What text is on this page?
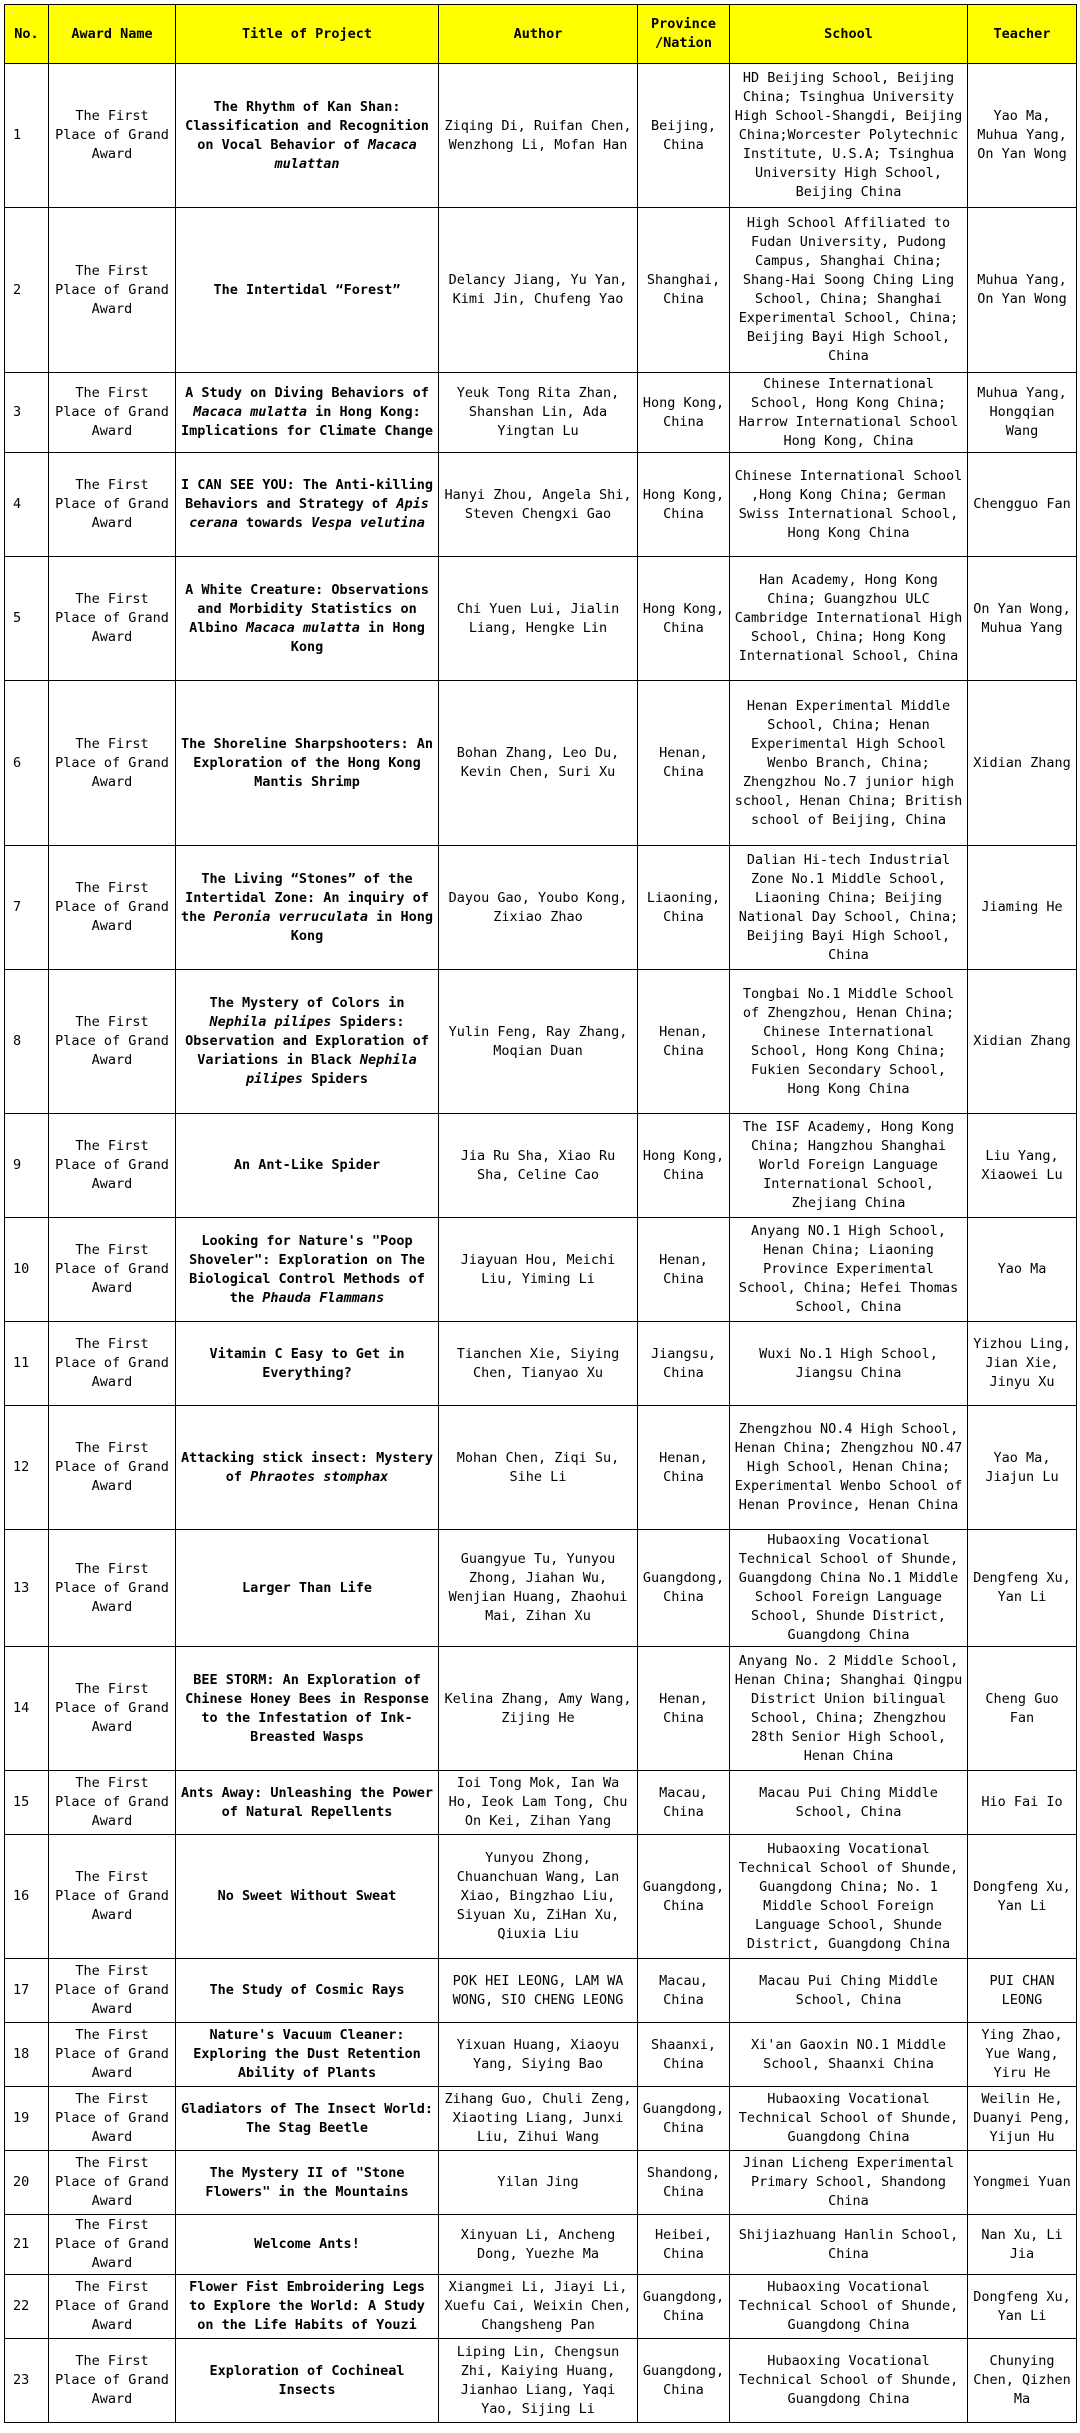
No.	Award Name	Title of Project	Author	Province /Nation	School	Teacher
1	The First Place of Grand Award	The Rhythm of Kan Shan: Classification and Recognition on Vocal Behavior of Macaca mulattan	Ziqing Di, Ruifan Chen, Wenzhong Li, Mofan Han	Beijing, China	HD Beijing School, Beijing China; Tsinghua University High School-Shangdi, Beijing China;Worcester Polytechnic Institute, U.S.A; Tsinghua University High School, Beijing China	Yao Ma, Muhua Yang, On Yan Wong
2	The First Place of Grand Award	The Intertidal “Forest”	Delancy Jiang, Yu Yan, Kimi Jin, Chufeng Yao	Shanghai, China	High School Affiliated to Fudan University, Pudong Campus, Shanghai China; Shang-Hai Soong Ching Ling School, China; Shanghai Experimental School, China; Beijing Bayi High School, China	Muhua Yang, On Yan Wong
3	The First Place of Grand Award	A Study on Diving Behaviors of Macaca mulatta in Hong Kong: Implications for Climate Change	Yeuk Tong Rita Zhan, Shanshan Lin, Ada Yingtan Lu	Hong Kong, China	Chinese International School, Hong Kong China; Harrow International School Hong Kong, China	Muhua Yang, Hongqian Wang
4	The First Place of Grand Award	I CAN SEE YOU: The Anti-killing Behaviors and Strategy of Apis cerana towards Vespa velutina	Hanyi Zhou, Angela Shi, Steven Chengxi Gao	Hong Kong, China	Chinese International School ,Hong Kong China; German Swiss International School, Hong Kong China	Chengguo Fan
5	The First Place of Grand Award	A White Creature: Observations and Morbidity Statistics on Albino Macaca mulatta in Hong Kong	Chi Yuen Lui, Jialin Liang, Hengke Lin	Hong Kong, China	Han Academy, Hong Kong China; Guangzhou ULC Cambridge International High School, China; Hong Kong International School, China	On Yan Wong, Muhua Yang
6	The First Place of Grand Award	The Shoreline Sharpshooters: An Exploration of the Hong Kong Mantis Shrimp	Bohan Zhang, Leo Du, Kevin Chen, Suri Xu	Henan, China	Henan Experimental Middle School, China; Henan Experimental High School Wenbo Branch, China; Zhengzhou No.7 junior high school, Henan China; British school of Beijing, China	Xidian Zhang
7	The First Place of Grand Award	The Living “Stones” of the Intertidal Zone: An inquiry of the Peronia verruculata in Hong Kong	Dayou Gao, Youbo Kong, Zixiao Zhao	Liaoning, China	Dalian Hi-tech Industrial Zone No.1 Middle School, Liaoning China; Beijing National Day School, China; Beijing Bayi High School, China	Jiaming He
8	The First Place of Grand Award	The Mystery of Colors in Nephila pilipes Spiders: Observation and Exploration of Variations in Black Nephila pilipes Spiders	Yulin Feng, Ray Zhang, Moqian Duan	Henan, China	Tongbai No.1 Middle School of Zhengzhou, Henan China; Chinese International School, Hong Kong China; Fukien Secondary School, Hong Kong China	Xidian Zhang
9	The First Place of Grand Award	An Ant-Like Spider	Jia Ru Sha, Xiao Ru Sha, Celine Cao	Hong Kong, China	The ISF Academy, Hong Kong China; Hangzhou Shanghai World Foreign Language International School, Zhejiang China	Liu Yang, Xiaowei Lu
10	The First Place of Grand Award	Looking for Nature's "Poop Shoveler": Exploration on The Biological Control Methods of the Phauda Flammans	Jiayuan Hou, Meichi Liu, Yiming Li	Henan, China	Anyang NO.1 High School, Henan China; Liaoning Province Experimental School, China; Hefei Thomas School, China	Yao Ma
11	The First Place of Grand Award	Vitamin C Easy to Get in Everything?	Tianchen Xie, Siying Chen, Tianyao Xu	Jiangsu, China	Wuxi No.1 High School, Jiangsu China	Yizhou Ling, Jian Xie, Jinyu Xu
12	The First Place of Grand Award	Attacking stick insect: Mystery of Phraotes stomphax	Mohan Chen, Ziqi Su, Sihe Li	Henan, China	Zhengzhou NO.4 High School, Henan China; Zhengzhou NO.47 High School, Henan China; Experimental Wenbo School of Henan Province, Henan China	Yao Ma, Jiajun Lu
13	The First Place of Grand Award	Larger Than Life	Guangyue Tu, Yunyou Zhong, Jiahan Wu, Wenjian Huang, Zhaohui Mai, Zihan Xu	Guangdong, China	Hubaoxing Vocational Technical School of Shunde, Guangdong China No.1 Middle School Foreign Language School, Shunde District, Guangdong China	Dengfeng Xu, Yan Li
14	The First Place of Grand Award	BEE STORM: An Exploration of Chinese Honey Bees in Response to the Infestation of Ink-Breasted Wasps	Kelina Zhang, Amy Wang, Zijing He	Henan, China	Anyang No. 2 Middle School, Henan China; Shanghai Qingpu District Union bilingual School, China; Zhengzhou 28th Senior High School, Henan China	Cheng Guo Fan
15	The First Place of Grand Award	Ants Away: Unleashing the Power of Natural Repellents	Ioi Tong Mok, Ian Wa Ho, Ieok Lam Tong, Chu On Kei, Zihan Yang	Macau, China	Macau Pui Ching Middle School, China	Hio Fai Io
16	The First Place of Grand Award	No Sweet Without Sweat	Yunyou Zhong, Chuanchuan Wang, Lan Xiao, Bingzhao Liu, Siyuan Xu, ZiHan Xu, Qiuxia Liu	Guangdong, China	Hubaoxing Vocational Technical School of Shunde, Guangdong China; No. 1 Middle School Foreign Language School, Shunde District, Guangdong China	Dongfeng Xu, Yan Li
17	The First Place of Grand Award	The Study of Cosmic Rays	POK HEI LEONG, LAM WA WONG, SIO CHENG LEONG	Macau, China	Macau Pui Ching Middle School, China	PUI CHAN LEONG
18	The First Place of Grand Award	Nature's Vacuum Cleaner: Exploring the Dust Retention Ability of Plants	Yixuan Huang, Xiaoyu Yang, Siying Bao	Shaanxi, China	Xi'an Gaoxin NO.1 Middle School, Shaanxi China	Ying Zhao, Yue Wang, Yiru He
19	The First Place of Grand Award	Gladiators of The Insect World: The Stag Beetle	Zihang Guo, Chuli Zeng, Xiaoting Liang, Junxi Liu, Zihui Wang	Guangdong, China	Hubaoxing Vocational Technical School of Shunde, Guangdong China	Weilin He, Duanyi Peng, Yijun Hu
20	The First Place of Grand Award	The Mystery II of "Stone Flowers" in the Mountains	Yilan Jing	Shandong, China	Jinan Licheng Experimental Primary School, Shandong China	Yongmei Yuan
21	The First Place of Grand Award	Welcome Ants!	Xinyuan Li, Ancheng Dong, Yuezhe Ma	Heibei, China	Shijiazhuang Hanlin School, China	Nan Xu, Li Jia
22	The First Place of Grand Award	Flower Fist Embroidering Legs to Explore the World: A Study on the Life Habits of Youzi	Xiangmei Li, Jiayi Li, Xuefu Cai, Weixin Chen, Changsheng Pan	Guangdong, China	Hubaoxing Vocational Technical School of Shunde, Guangdong China	Dongfeng Xu, Yan Li
23	The First Place of Grand Award	Exploration of Cochineal Insects	Liping Lin, Chengsun Zhi, Kaiying Huang, Jianhao Liang, Yaqi Yao, Sijing Li	Guangdong, China	Hubaoxing Vocational Technical School of Shunde, Guangdong China	Chunying Chen, Qizhen Ma
